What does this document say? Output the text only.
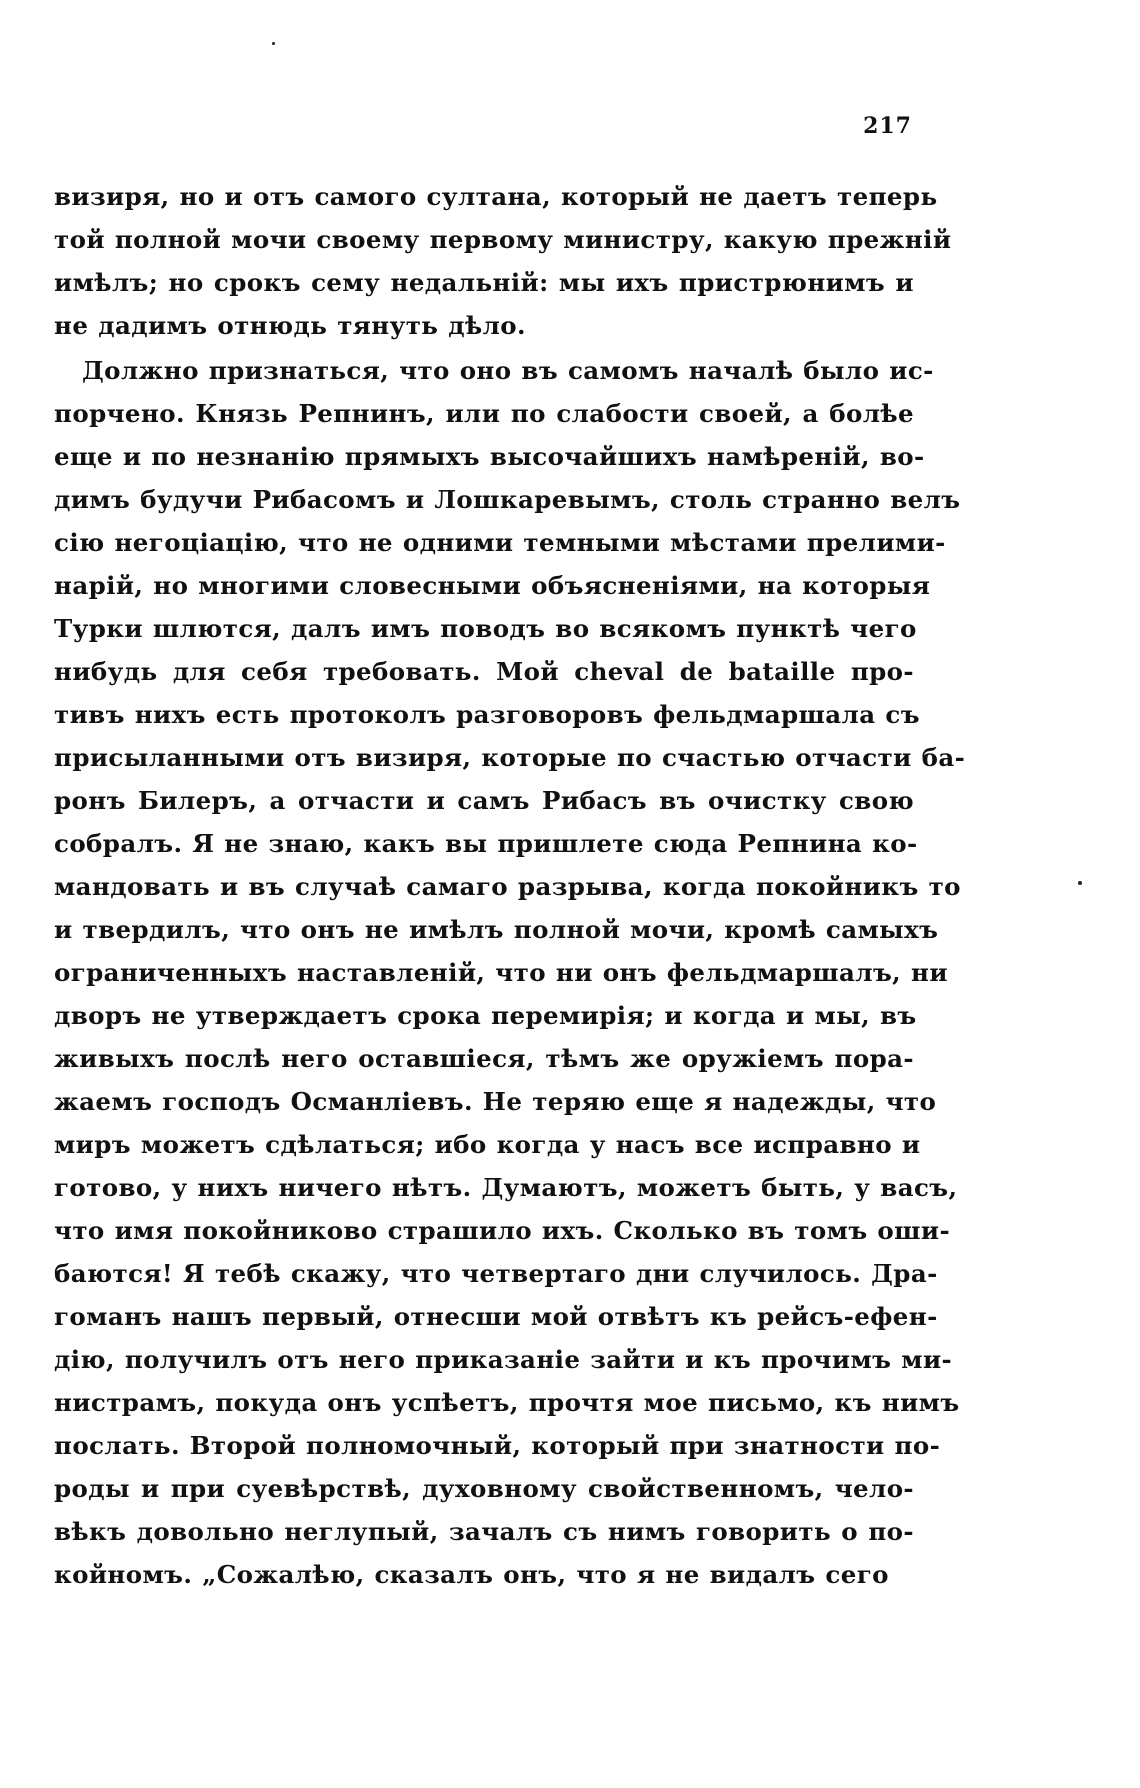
217
визиря, но и отъ самого султана, который не даетъ теперь
той полной мочи своему первому министру, какую прежній
имѣлъ; но срокъ сему недальній: мы ихъ пристрюнимъ и
не дадимъ отнюдь тянуть дѣло.
Должно признаться, что оно въ самомъ началѣ было ис-
порчено. Князь Репнинъ, или по слабости своей, а болѣе
еще и по незнанію прямыхъ высочайшихъ намѣреній, во-
димъ будучи Рибасомъ и Лошкаревымъ, столь странно велъ
сію негоціацію, что не одними темными мѣстами прелими-
нарій, но многими словесными объясненіями, на которыя
Турки шлются, далъ имъ поводъ во всякомъ пунктѣ чего
нибудь для себя требовать. Мой cheval de bataille про-
тивъ нихъ есть протоколъ разговоровъ фельдмаршала съ
присыланными отъ визиря, которые по счастью отчасти ба-
ронъ Билеръ, а отчасти и самъ Рибасъ въ очистку свою
собралъ. Я не знаю, какъ вы пришлете сюда Репнина ко-
мандовать и въ случаѣ самаго разрыва, когда покойникъ то
и твердилъ, что онъ не имѣлъ полной мочи, кромѣ самыхъ
ограниченныхъ наставленій, что ни онъ фельдмаршалъ, ни
дворъ не утверждаетъ срока перемирія; и когда и мы, въ
живыхъ послѣ него оставшіеся, тѣмъ же оружіемъ пора-
жаемъ господъ Османліевъ. Не теряю еще я надежды, что
миръ можетъ сдѣлаться; ибо когда у насъ все исправно и
готово, у нихъ ничего нѣтъ. Думаютъ, можетъ быть, у васъ,
что имя покойниково страшило ихъ. Сколько въ томъ оши-
баются! Я тебѣ скажу, что четвертаго дни случилось. Дра-
гоманъ нашъ первый, отнесши мой отвѣтъ къ рейсъ-ефен-
дію, получилъ отъ него приказаніе зайти и къ прочимъ ми-
нистрамъ, покуда онъ успѣетъ, прочтя мое письмо, къ нимъ
послать. Второй полномочный, который при знатности по-
роды и при суевѣрствѣ, духовному свойственномъ, чело-
вѣкъ довольно неглупый, зачалъ съ нимъ говорить о по-
койномъ. „Сожалѣю, сказалъ онъ, что я не видалъ сего
